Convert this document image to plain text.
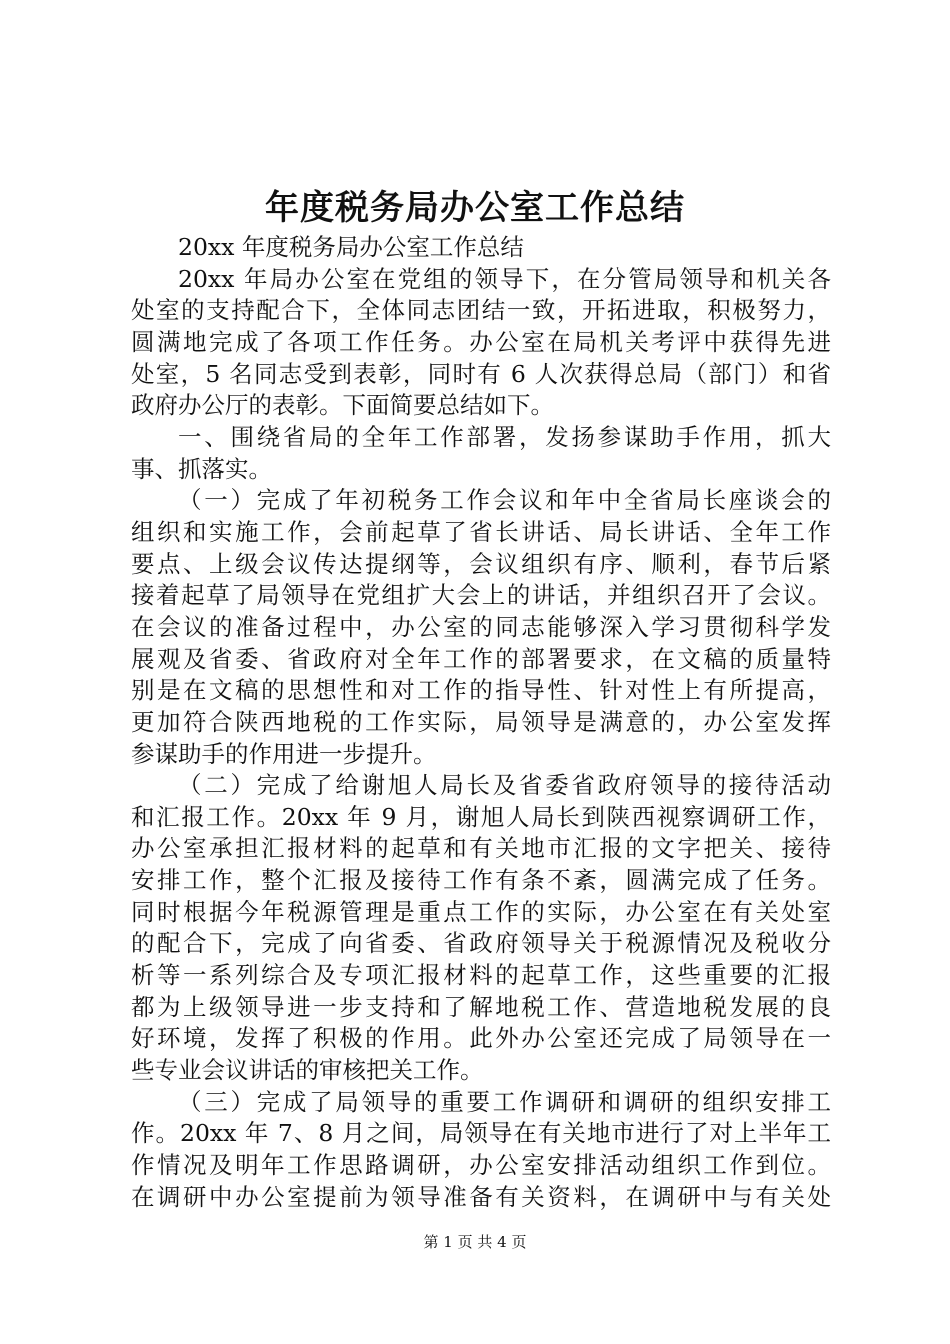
年度税务局办公室工作总结
20xx 年度税务局办公室工作总结
20xx 年局办公室在党组的领导下，在分管局领导和机关各
处室的支持配合下，全体同志团结一致，开拓进取，积极努力，
圆满地完成了各项工作任务。办公室在局机关考评中获得先进
处室，5 名同志受到表彰，同时有 6 人次获得总局（部门）和省
政府办公厅的表彰。下面简要总结如下。
一、围绕省局的全年工作部署，发扬参谋助手作用，抓大
事、抓落实。
（一）完成了年初税务工作会议和年中全省局长座谈会的
组织和实施工作，会前起草了省长讲话、局长讲话、全年工作
要点、上级会议传达提纲等，会议组织有序、顺利，春节后紧
接着起草了局领导在党组扩大会上的讲话，并组织召开了会议。
在会议的准备过程中，办公室的同志能够深入学习贯彻科学发
展观及省委、省政府对全年工作的部署要求，在文稿的质量特
别是在文稿的思想性和对工作的指导性、针对性上有所提高，
更加符合陕西地税的工作实际，局领导是满意的，办公室发挥
参谋助手的作用进一步提升。
（二）完成了给谢旭人局长及省委省政府领导的接待活动
和汇报工作。20xx 年 9 月，谢旭人局长到陕西视察调研工作，
办公室承担汇报材料的起草和有关地市汇报的文字把关、接待
安排工作，整个汇报及接待工作有条不紊，圆满完成了任务。
同时根据今年税源管理是重点工作的实际，办公室在有关处室
的配合下，完成了向省委、省政府领导关于税源情况及税收分
析等一系列综合及专项汇报材料的起草工作，这些重要的汇报
都为上级领导进一步支持和了解地税工作、营造地税发展的良
好环境，发挥了积极的作用。此外办公室还完成了局领导在一
些专业会议讲话的审核把关工作。
（三）完成了局领导的重要工作调研和调研的组织安排工
作。20xx 年 7、8 月之间，局领导在有关地市进行了对上半年工
作情况及明年工作思路调研，办公室安排活动组织工作到位。
在调研中办公室提前为领导准备有关资料，在调研中与有关处
第 1 页 共 4 页
